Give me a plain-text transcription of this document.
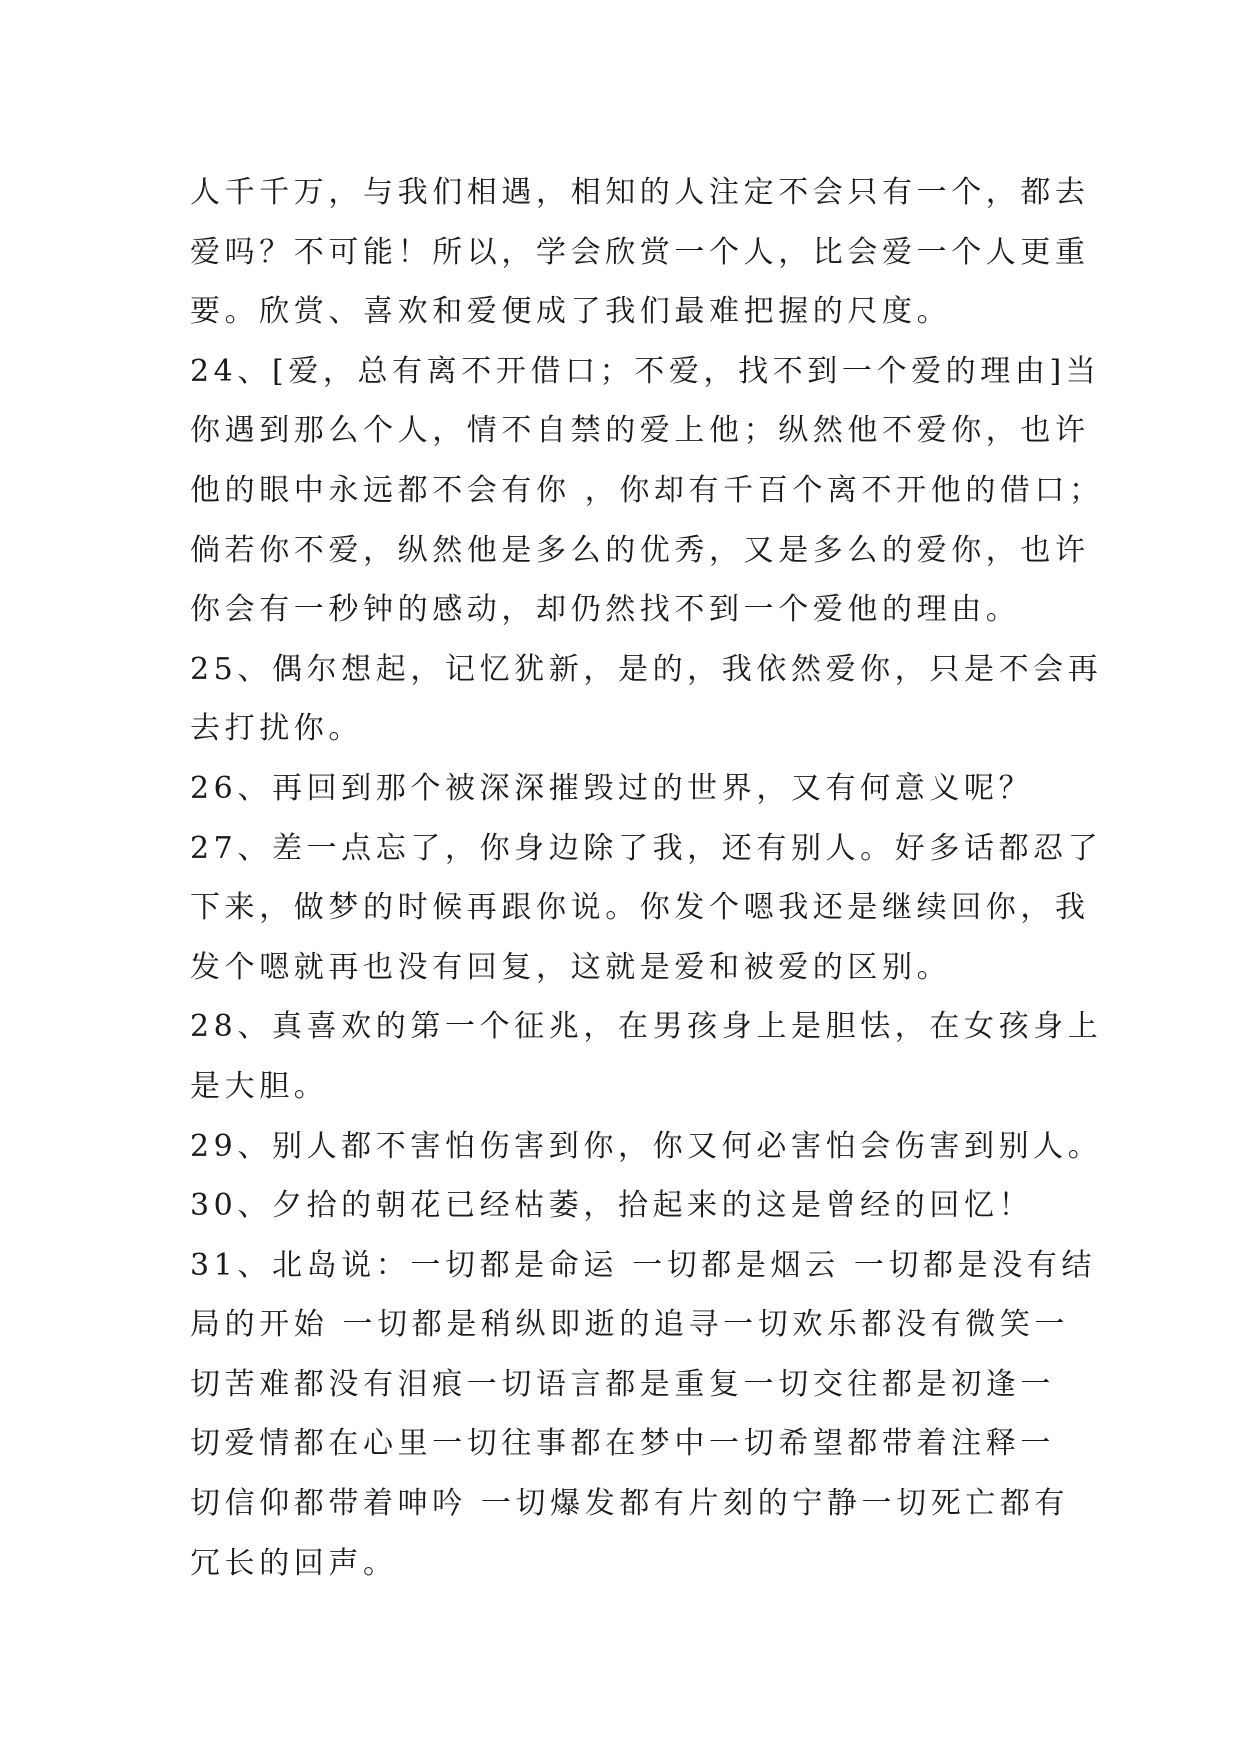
人千千万，与我们相遇，相知的人注定不会只有一个，都去
爱吗？不可能！所以，学会欣赏一个人，比会爱一个人更重
要。欣赏、喜欢和爱便成了我们最难把握的尺度。

24、[爱，总有离不开借口；不爱，找不到一个爱的理由]当
你遇到那么个人，情不自禁的爱上他；纵然他不爱你，也许
他的眼中永远都不会有你 ，你却有千百个离不开他的借口；
倘若你不爱，纵然他是多么的优秀，又是多么的爱你，也许
你会有一秒钟的感动，却仍然找不到一个爱他的理由。

25、偶尔想起，记忆犹新，是的，我依然爱你，只是不会再
去打扰你。

26、再回到那个被深深摧毁过的世界，又有何意义呢？

27、差一点忘了，你身边除了我，还有别人。好多话都忍了
下来，做梦的时候再跟你说。你发个嗯我还是继续回你，我
发个嗯就再也没有回复，这就是爱和被爱的区别。

28、真喜欢的第一个征兆，在男孩身上是胆怯，在女孩身上
是大胆。

29、别人都不害怕伤害到你，你又何必害怕会伤害到别人。

30、夕拾的朝花已经枯萎，拾起来的这是曾经的回忆！

31、北岛说：一切都是命运 一切都是烟云 一切都是没有结
局的开始 一切都是稍纵即逝的追寻一切欢乐都没有微笑一
切苦难都没有泪痕一切语言都是重复一切交往都是初逢一
切爱情都在心里一切往事都在梦中一切希望都带着注释一
切信仰都带着呻吟 一切爆发都有片刻的宁静一切死亡都有
冗长的回声。
